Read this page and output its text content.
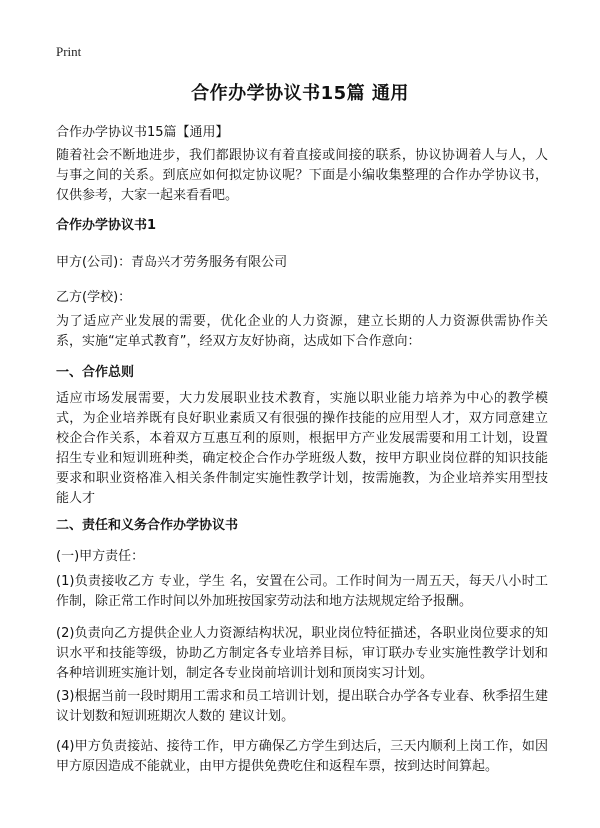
Print
合作办学协议书15篇 通用
合作办学协议书15篇【通用】
随着社会不断地进步，我们都跟协议有着直接或间接的联系，协议协调着人与人，人与事之间的关系。到底应如何拟定协议呢？下面是小编收集整理的合作办学协议书，仅供参考，大家一起来看看吧。
合作办学协议书1
甲方(公司)：青岛兴才劳务服务有限公司
乙方(学校)：
为了适应产业发展的需要，优化企业的人力资源，建立长期的人力资源供需协作关系，实施“定单式教育”，经双方友好协商，达成如下合作意向：
一、合作总则
适应市场发展需要，大力发展职业技术教育，实施以职业能力培养为中心的教学模式，为企业培养既有良好职业素质又有很强的操作技能的应用型人才，双方同意建立校企合作关系，本着双方互惠互利的原则，根据甲方产业发展需要和用工计划，设置招生专业和短训班种类，确定校企合作办学班级人数，按甲方职业岗位群的知识技能要求和职业资格准入相关条件制定实施性教学计划，按需施教，为企业培养实用型技能人才
二、责任和义务合作办学协议书
(一)甲方责任：
(1)负责接收乙方 专业，学生 名，安置在公司。工作时间为一周五天，每天八小时工作制，除正常工作时间以外加班按国家劳动法和地方法规规定给予报酬。
(2)负责向乙方提供企业人力资源结构状况，职业岗位特征描述，各职业岗位要求的知识水平和技能等级，协助乙方制定各专业培养目标，审订联办专业实施性教学计划和各种培训班实施计划，制定各专业岗前培训计划和顶岗实习计划。
(3)根据当前一段时期用工需求和员工培训计划，提出联合办学各专业春、秋季招生建议计划数和短训班期次人数的 建议计划。
(4)甲方负责接站、接待工作，甲方确保乙方学生到达后，三天内顺利上岗工作，如因甲方原因造成不能就业，由甲方提供免费吃住和返程车票，按到达时间算起。
